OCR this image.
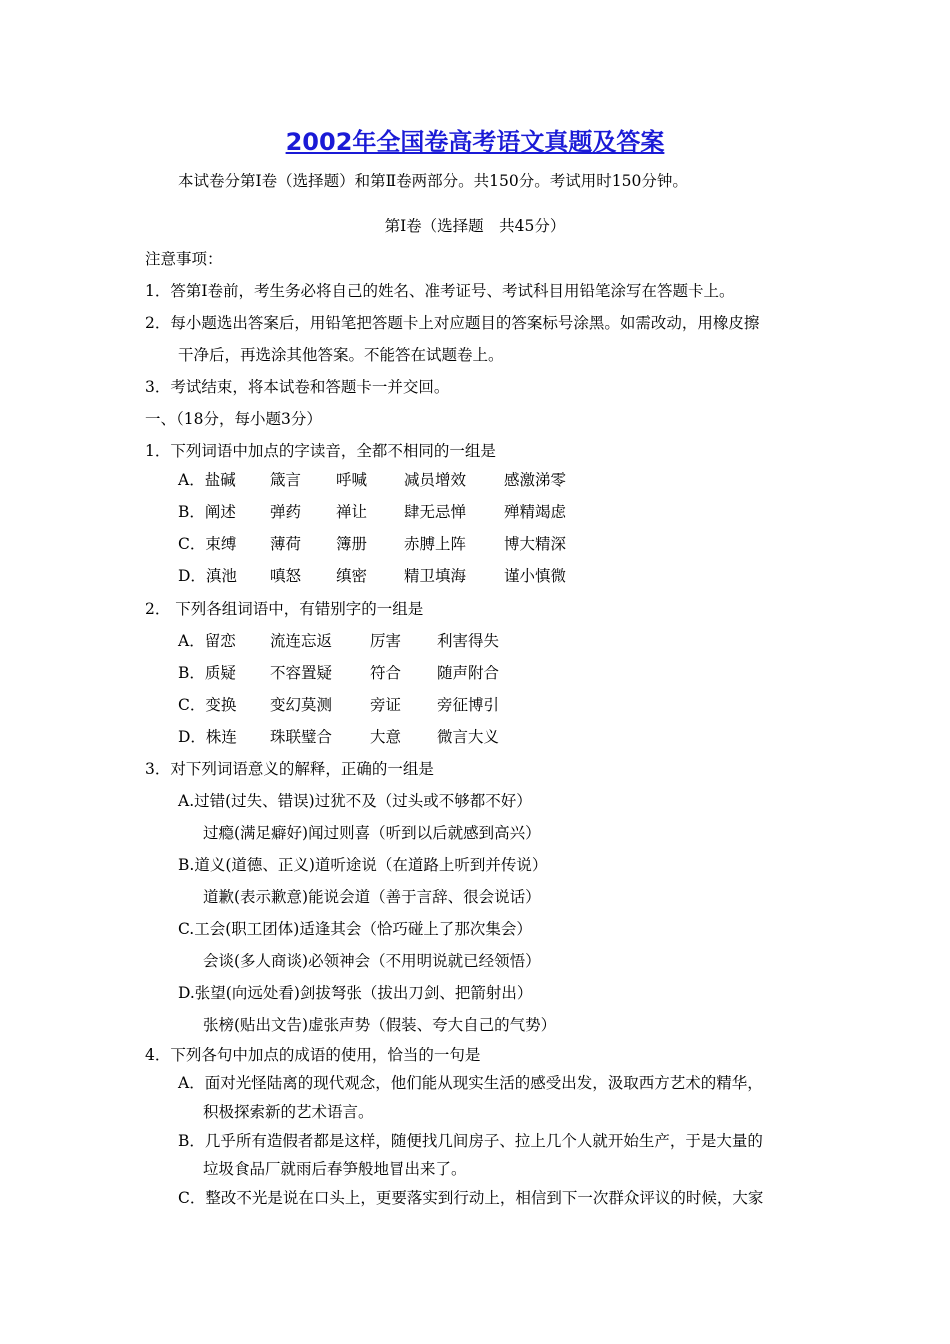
2002年全国卷高考语文真题及答案
本试卷分第Ⅰ卷（选择题）和第Ⅱ卷两部分。共150分。考试用时150分钟。
第Ⅰ卷（选择题　共45分）
注意事项：
1．答第Ⅰ卷前，考生务必将自己的姓名、准考证号、考试科目用铅笔涂写在答题卡上。
2．每小题选出答案后，用铅笔把答题卡上对应题目的答案标号涂黑。如需改动，用橡皮擦
干净后，再选涂其他答案。不能答在试题卷上。
3．考试结束，将本试卷和答题卡一并交回。
一、（18分，每小题3分）
1．下列词语中加点的字读音，全都不相同的一组是
A．盐碱 箴言 呼喊 减员增效 感激涕零
B．阐述 弹药 禅让 肆无忌惮 殚精竭虑
C．束缚 薄荷 簿册 赤膊上阵 博大精深
D．滇池 嗔怒 缜密 精卫填海 谨小慎微
2． 下列各组词语中，有错别字的一组是
A．留恋 流连忘返 厉害 利害得失
B．质疑 不容置疑 符合 随声附合
C．变换 变幻莫测 旁证 旁征博引
D．株连 珠联璧合 大意 微言大义
3．对下列词语意义的解释，正确的一组是
A.过错(过失、错误)过犹不及（过头或不够都不好）
过瘾(满足癖好)闻过则喜（听到以后就感到高兴）
B.道义(道德、正义)道听途说（在道路上听到并传说）
道歉(表示歉意)能说会道（善于言辞、很会说话）
C.工会(职工团体)适逢其会（恰巧碰上了那次集会）
会谈(多人商谈)必领神会（不用明说就已经领悟）
D.张望(向远处看)剑拔弩张（拔出刀剑、把箭射出）
张榜(贴出文告)虚张声势（假装、夸大自己的气势）
4．下列各句中加点的成语的使用，恰当的一句是
A．面对光怪陆离的现代观念，他们能从现实生活的感受出发，汲取西方艺术的精华，
积极探索新的艺术语言。
B．几乎所有造假者都是这样，随便找几间房子、拉上几个人就开始生产，于是大量的
垃圾食品厂就雨后春笋般地冒出来了。
C．整改不光是说在口头上，更要落实到行动上，相信到下一次群众评议的时候，大家
